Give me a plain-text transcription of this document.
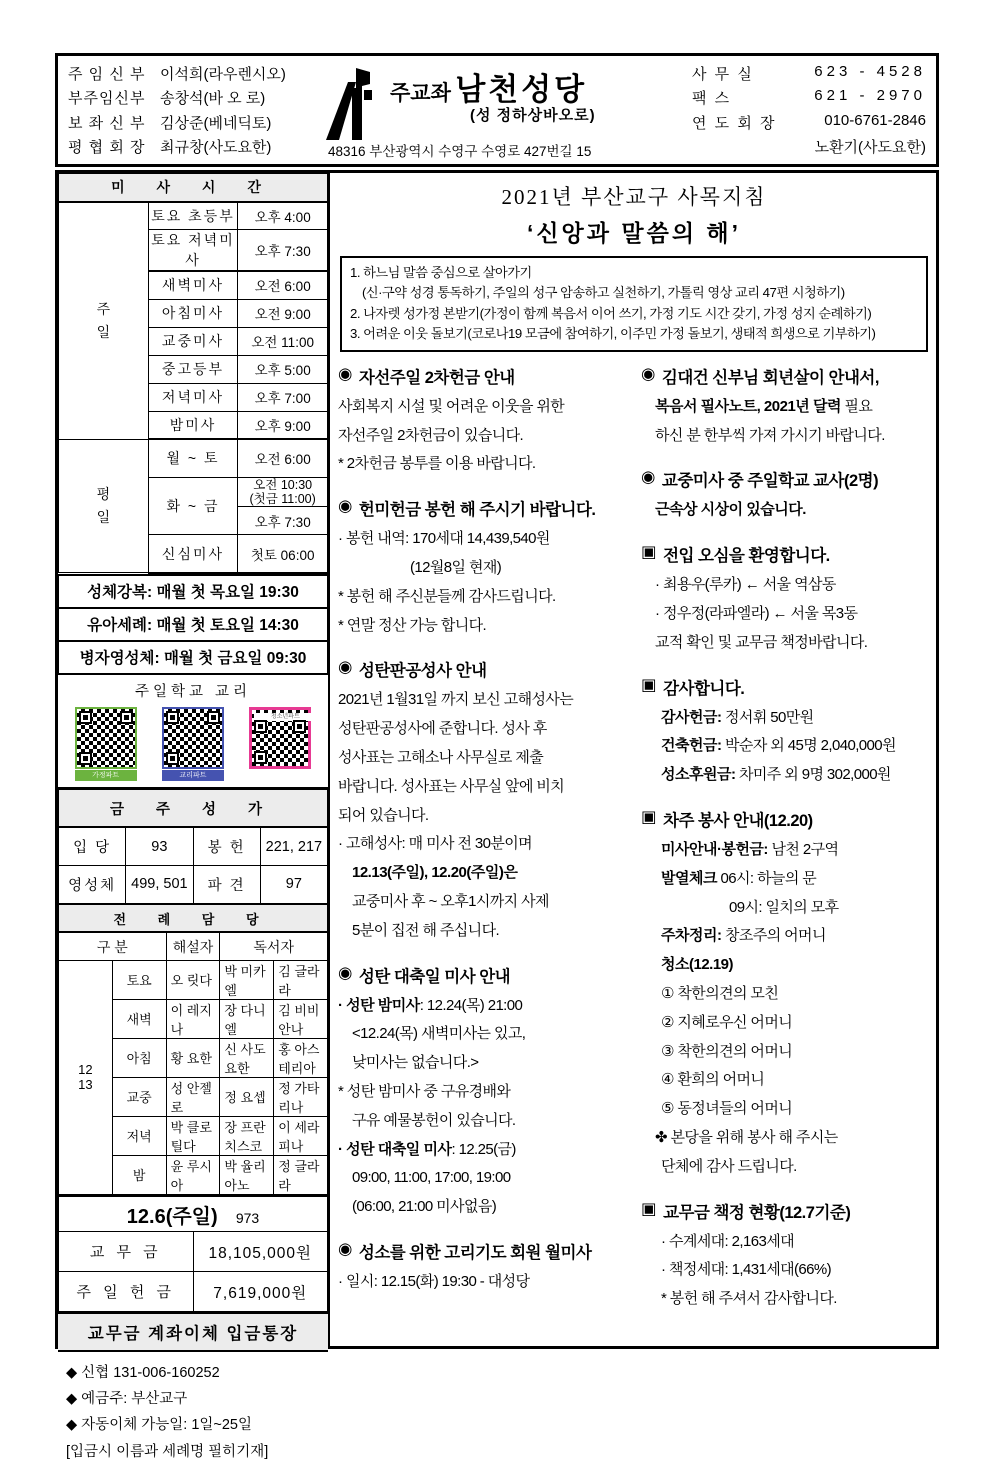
주 임 신 부 이석희(라우렌시오)
부주임신부 송창석(바 오 로)
보 좌 신 부 김상준(베네딕토)
평 협 회 장 최규창(사도요한)
주교좌 남천성당
(성 정하상바오로)
48316 부산광역시 수영구 수영로 427번길 15
사 무 실	623 - 4528
팩 스	621 - 2970
연 도 회 장	010-6761-2846
노환기(사도요한)
미 사 시 간		

주일	토요 초등부	오후 4:00
	토요 저녁미사	오후 7:30
	새벽미사	오전 6:00
	아침미사	오전 9:00
	교중미사	오전 11:00
	중고등부	오후 5:00
	저녁미사	오후 7:00
	밤미사	오후 9:00

평일	월 ~ 토	오전 6:00
	화 ~ 금	오전 10:30
(첫금 11:00)

		오후 7:30
	신심미사	첫토 06:00
성체강복: 매월 첫 목요일 19:30
유아세례: 매월 첫 토요일 14:30
병자영성체: 매월 첫 금요일 09:30
주일학교 교리
가정파트	교리파트
청소년파트
금 주 성 가			
입 당	93	봉 헌	221, 217
영성체	499, 501	파 견	97
전 례 담 당				
구 분		해설자	독서자	

12
13	토요	오 릿다	박 미카엘	김 글라라
	새벽	이 레지나	장 다니엘	김 비비안나
	아침	황 요한	신 사도요한	홍 아스테리아
	교중	성 안젤로	정 요셉	정 가타리나
	저녁	박 클로틸다	장 프란치스코	이 세라피나
	밤	윤 루시아	박 율리아노	정 글라라
12.6(주일) 973	
교 무 금	18,105,000원
주 일 헌 금	7,619,000원
교무금 계좌이체 입금통장
◆ 신협 131-006-160252
◆ 예금주: 부산교구
◆ 자동이체 가능일: 1일~25일
[입금시 이름과 세례명 필히기재]
2021년 부산교구 사목지침
‘신앙과 말씀의 해’
1. 하느님 말씀 중심으로 살아가기
(신·구약 성경 통독하기, 주일의 성구 암송하고 실천하기, 가톨릭 영상 교리 47편 시청하기)
2. 나자렛 성가정 본받기(가정이 함께 복음서 이어 쓰기, 가정 기도 시간 갖기, 가정 성지 순례하기)
3. 어려운 이웃 돌보기(코로나19 모금에 참여하기, 이주민 가정 돌보기, 생태적 희생으로 기부하기)
◉ 자선주일 2차헌금 안내
사회복지 시설 및 어려운 이웃을 위한
자선주일 2차헌금이 있습니다.
* 2차헌금 봉투를 이용 바랍니다.
◉ 헌미헌금 봉헌 해 주시기 바랍니다.
· 봉헌 내역: 170세대 14,439,540원
(12월8일 현재)
* 봉헌 해 주신분들께 감사드립니다.
* 연말 정산 가능 합니다.
◉ 성탄판공성사 안내
2021년 1월31일 까지 보신 고해성사는
성탄판공성사에 준합니다. 성사 후
성사표는 고해소나 사무실로 제출
바랍니다. 성사표는 사무실 앞에 비치
되어 있습니다.
· 고해성사: 매 미사 전 30분이며
12.13(주일), 12.20(주일)은
교중미사 후 ~ 오후1시까지 사제
5분이 집전 해 주십니다.
◉ 성탄 대축일 미사 안내
· 성탄 밤미사: 12.24(목) 21:00
<12.24(목) 새벽미사는 있고,
낮미사는 없습니다.>
* 성탄 밤미사 중 구유경배와
구유 예물봉헌이 있습니다.
· 성탄 대축일 미사: 12.25(금)
09:00, 11:00, 17:00, 19:00
(06:00, 21:00 미사없음)
◉ 성소를 위한 고리기도 회원 월미사
· 일시: 12.15(화) 19:30 - 대성당
◉ 김대건 신부님 회년살이 안내서,
복음서 필사노트, 2021년 달력 필요
하신 분 한부씩 가져 가시기 바랍니다.
◉ 교중미사 중 주일학교 교사(2명)
근속상 시상이 있습니다.
▣ 전입 오심을 환영합니다.
· 최용우(루카) ← 서울 역삼동
· 정우정(라파엘라) ← 서울 목3동
교적 확인 및 교무금 책정바랍니다.
▣ 감사합니다.
감사헌금: 정서휘 50만원
건축헌금: 박순자 외 45명 2,040,000원
성소후원금: 차미주 외 9명 302,000원
▣ 차주 봉사 안내(12.20)
미사안내·봉헌금: 남천 2구역
발열체크 06시: 하늘의 문
09시: 일치의 모후
주차정리: 창조주의 어머니
청소(12.19)
① 착한의견의 모친
② 지혜로우신 어머니
③ 착한의견의 어머니
④ 환희의 어머니
⑤ 동정녀들의 어머니
✤ 본당을 위해 봉사 해 주시는
단체에 감사 드립니다.
▣ 교무금 책정 현황(12.7기준)
· 수계세대: 2,163세대
· 책정세대: 1,431세대(66%)
* 봉헌 해 주셔서 감사합니다.
